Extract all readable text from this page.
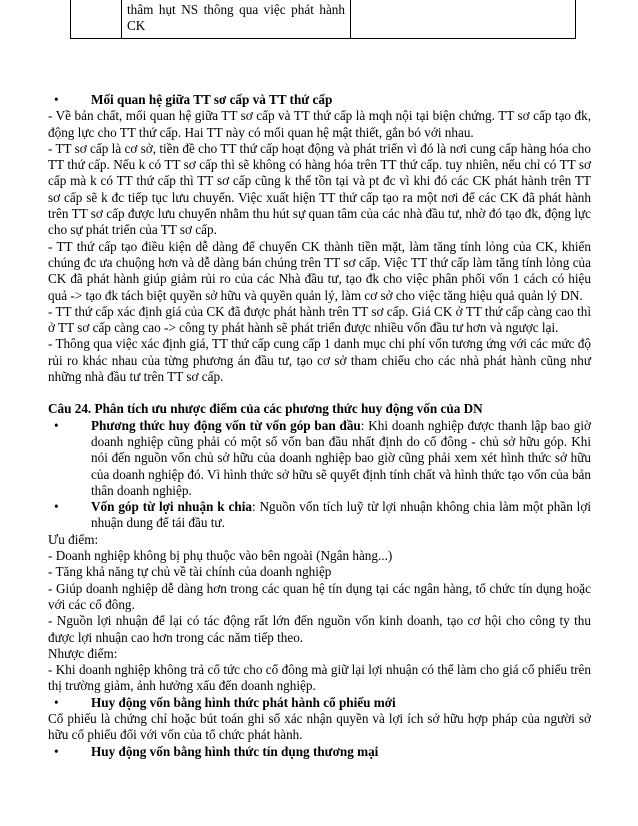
	thâm hụt NS thông qua việc phát hành CK	
• Mối quan hệ giữa TT sơ cấp và TT thứ cấp

- Về bản chất, mối quan hệ giữa TT sơ cấp và TT thứ cấp là mqh nội tại biện chứng. TT sơ cấp tạo đk, động lực cho TT thứ cấp. Hai TT này có mối quan hệ mật thiết, gắn bó với nhau.

- TT sơ cấp là cơ sở, tiền đề cho TT thứ cấp hoạt động và phát triển vì đó là nơi cung cấp hàng hóa cho TT thứ cấp. Nếu k có TT sơ cấp thì sẽ không có hàng hóa trên TT thứ cấp. tuy nhiên, nếu chỉ có TT sơ cấp mà k có TT thứ cấp thì TT sơ cấp cũng k thể tồn tại và pt đc vì khi đó các CK phát hành trên TT sơ cấp sẽ k đc tiếp tục lưu chuyển. Việc xuất hiện TT thứ cấp tạo ra một nơi để các CK đã phát hành trên TT sơ cấp được lưu chuyển nhằm thu hút sự quan tâm của các nhà đầu tư, nhờ đó tạo đk, động lực cho sự phát triển của TT sơ cấp.

- TT thứ cấp tạo điều kiện dễ dàng để chuyển CK thành tiền mặt, làm tăng tính lỏng của CK, khiến chúng đc ưa chuộng hơn và dễ dàng bán chúng trên TT sơ cấp. Việc TT thứ cấp làm tăng tính lỏng của CK đã phát hành giúp giảm rủi ro của các Nhà đầu tư, tạo đk cho việc phân phối vốn 1 cách có hiệu quả -> tạo đk tách biệt quyền sở hữu và quyền quản lý, làm cơ sở cho việc tăng hiệu quả quản lý DN.

- TT thứ cấp xác định giá của CK đã được phát hành trên TT sơ cấp. Giá CK ở TT thứ cấp càng cao thì ở TT sơ cấp càng cao -> công ty phát hành sẽ phát triển được nhiều vốn đầu tư hơn và ngược lại.

- Thông qua việc xác định giá, TT thứ cấp cung cấp 1 danh mục chi phí vốn tương ứng với các mức độ rủi ro khác nhau của từng phương án đầu tư, tạo cơ sở tham chiếu cho các nhà phát hành cũng như những nhà đầu tư trên TT sơ cấp.

Câu 24. Phân tích ưu nhược điểm của các phương thức huy động vốn của DN

• Phương thức huy động vốn từ vốn góp ban đầu: Khi doanh nghiệp được thanh lập bao giờ doanh nghiệp cũng phải có một số vốn ban đầu nhất định do cổ đông - chủ sở hữu góp. Khi nói đến nguồn vốn chủ sở hữu của doanh nghiệp bao giờ cũng phải xem xét hình thức sở hữu của doanh nghiệp đó. Vì hình thức sở hữu sẽ quyết định tính chất và hình thức tạo vốn của bản thân doanh nghiệp.
• Vốn góp từ lợi nhuận k chia: Nguồn vốn tích luỹ từ lợi nhuận không chia làm một phần lợi nhuận dung để tái đầu tư.

Ưu điểm:

- Doanh nghiệp không bị phụ thuộc vào bên ngoài (Ngân hàng...)

- Tăng khả năng tự chủ về tài chính của doanh nghiệp

- Giúp doanh nghiệp dễ dàng hơn trong các quan hệ tín dụng tại các ngân hàng, tổ chức tín dụng hoặc với các cổ đông.

- Nguồn lợi nhuận để lại có tác động rất lớn đến nguồn vốn kinh doanh, tạo cơ hội cho công ty thu được lợi nhuận cao hơn trong các năm tiếp theo.

Nhược điểm:

- Khi doanh nghiệp không trả cổ tức cho cổ đông mà giữ lại lợi nhuận có thể làm cho giá cổ phiếu trên thị trường giảm, ảnh hưởng xấu đến doanh nghiệp.

• Huy động vốn bằng hình thức phát hành cổ phiếu mới

Cổ phiếu là chứng chỉ hoặc bút toán ghi sổ xác nhận quyền và lợi ích sở hữu hợp pháp của người sở hữu cổ phiếu đối với vốn của tổ chức phát hành.

• Huy động vốn bằng hình thức tín dụng thương mại
